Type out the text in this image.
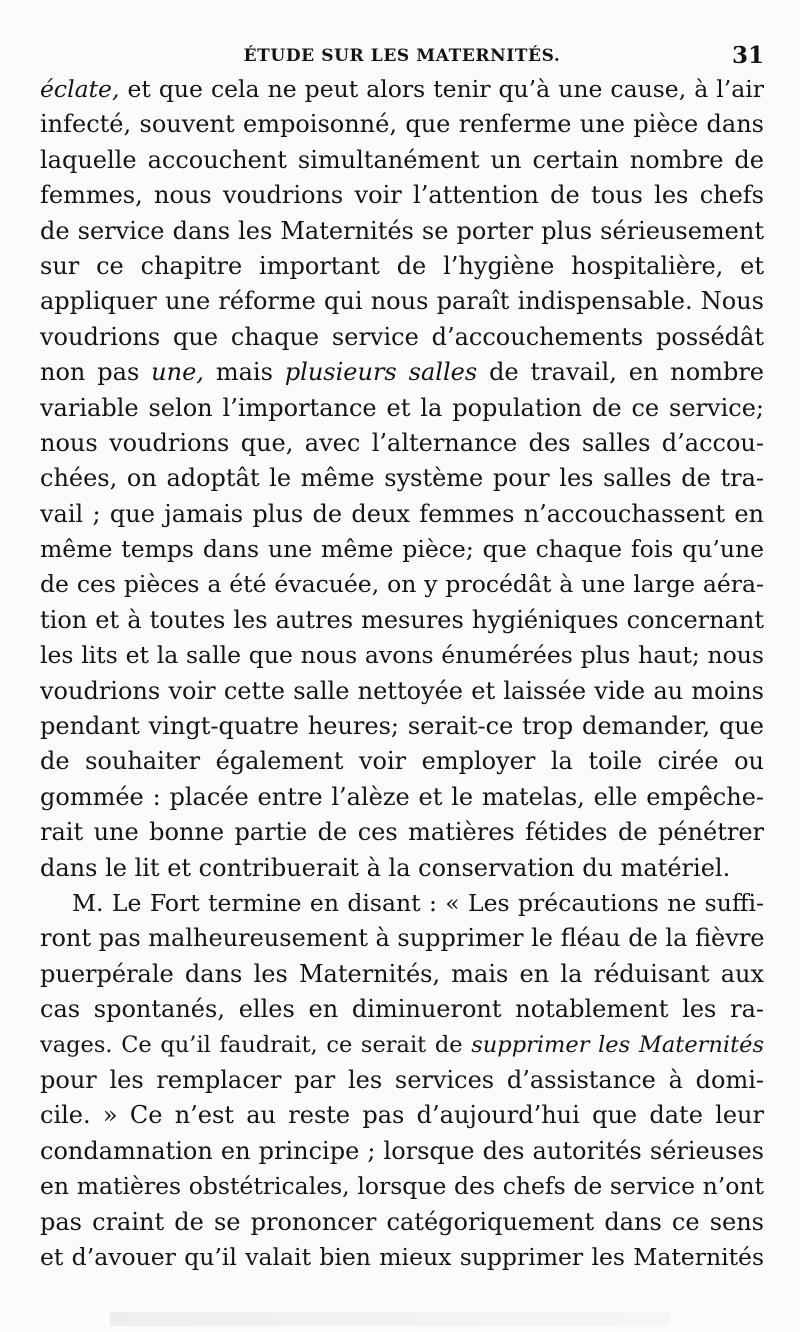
ÉTUDE SUR LES MATERNITÉS.	31
éclate, et que cela ne peut alors tenir qu’à une cause, à l’air
infecté, souvent empoisonné, que renferme une pièce dans
laquelle accouchent simultanément un certain nombre de
femmes, nous voudrions voir l’attention de tous les chefs
de service dans les Maternités se porter plus sérieusement
sur ce chapitre important de l’hygiène hospitalière, et
appliquer une réforme qui nous paraît indispensable. Nous
voudrions que chaque service d’accouchements possédât
non pas une, mais plusieurs salles de travail, en nombre
variable selon l’importance et la population de ce service;
nous voudrions que, avec l’alternance des salles d’accou-
chées, on adoptât le même système pour les salles de tra-
vail ; que jamais plus de deux femmes n’accouchassent en
même temps dans une même pièce; que chaque fois qu’une
de ces pièces a été évacuée, on y procédât à une large aéra-
tion et à toutes les autres mesures hygiéniques concernant
les lits et la salle que nous avons énumérées plus haut; nous
voudrions voir cette salle nettoyée et laissée vide au moins
pendant vingt-quatre heures; serait-ce trop demander, que
de souhaiter également voir employer la toile cirée ou
gommée : placée entre l’alèze et le matelas, elle empêche-
rait une bonne partie de ces matières fétides de pénétrer
dans le lit et contribuerait à la conservation du matériel.
M. Le Fort termine en disant : « Les précautions ne suffi-
ront pas malheureusement à supprimer le fléau de la fièvre
puerpérale dans les Maternités, mais en la réduisant aux
cas spontanés, elles en diminueront notablement les ra-
vages. Ce qu’il faudrait, ce serait de supprimer les Maternités
pour les remplacer par les services d’assistance à domi-
cile. » Ce n’est au reste pas d’aujourd’hui que date leur
condamnation en principe ; lorsque des autorités sérieuses
en matières obstétricales, lorsque des chefs de service n’ont
pas craint de se prononcer catégoriquement dans ce sens
et d’avouer qu’il valait bien mieux supprimer les Maternités
